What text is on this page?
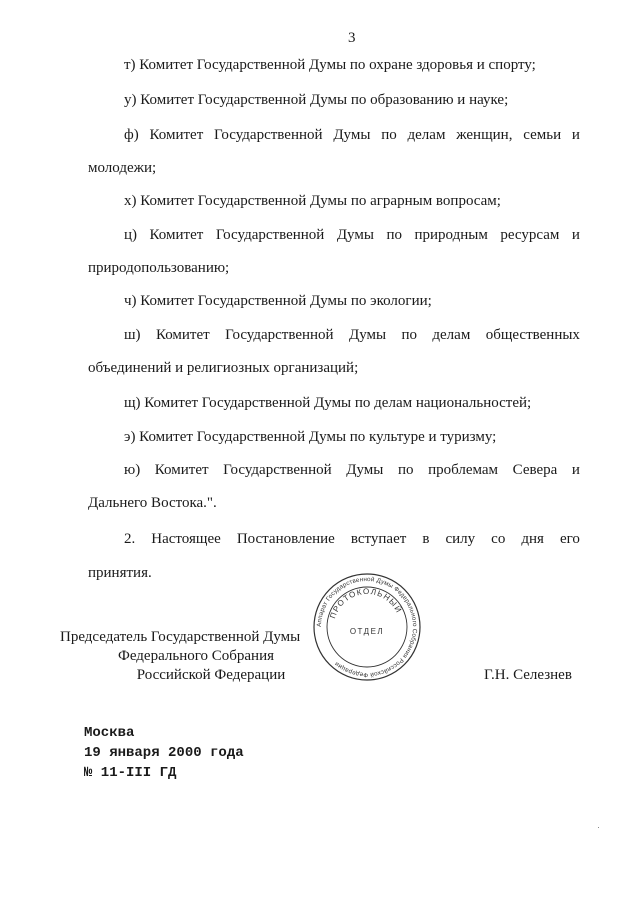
3
т) Комитет Государственной Думы по охране здоровья и спорту;
у) Комитет Государственной Думы по образованию и науке;
ф) Комитет Государственной Думы по делам женщин, семьи и
молодежи;
х) Комитет Государственной Думы по аграрным вопросам;
ц) Комитет Государственной Думы по природным ресурсам и
природопользованию;
ч) Комитет Государственной Думы по экологии;
ш) Комитет Государственной Думы по делам общественных
объединений и религиозных организаций;
щ) Комитет Государственной Думы по делам национальностей;
э) Комитет Государственной Думы по культуре и туризму;
ю) Комитет Государственной Думы по проблемам Севера и
Дальнего Востока.".
2. Настоящее Постановление вступает в силу со дня его
принятия.
Аппарат Государственной Думы Федерального Собрания Российской Федерации
ПРОТОКОЛЬНЫЙ
ОТДЕЛ
Председатель Государственной Думы
Федерального Собрания
Российской Федерации	Г.Н. Селезнев
Москва
19 января 2000 года
№ 11-III ГД
